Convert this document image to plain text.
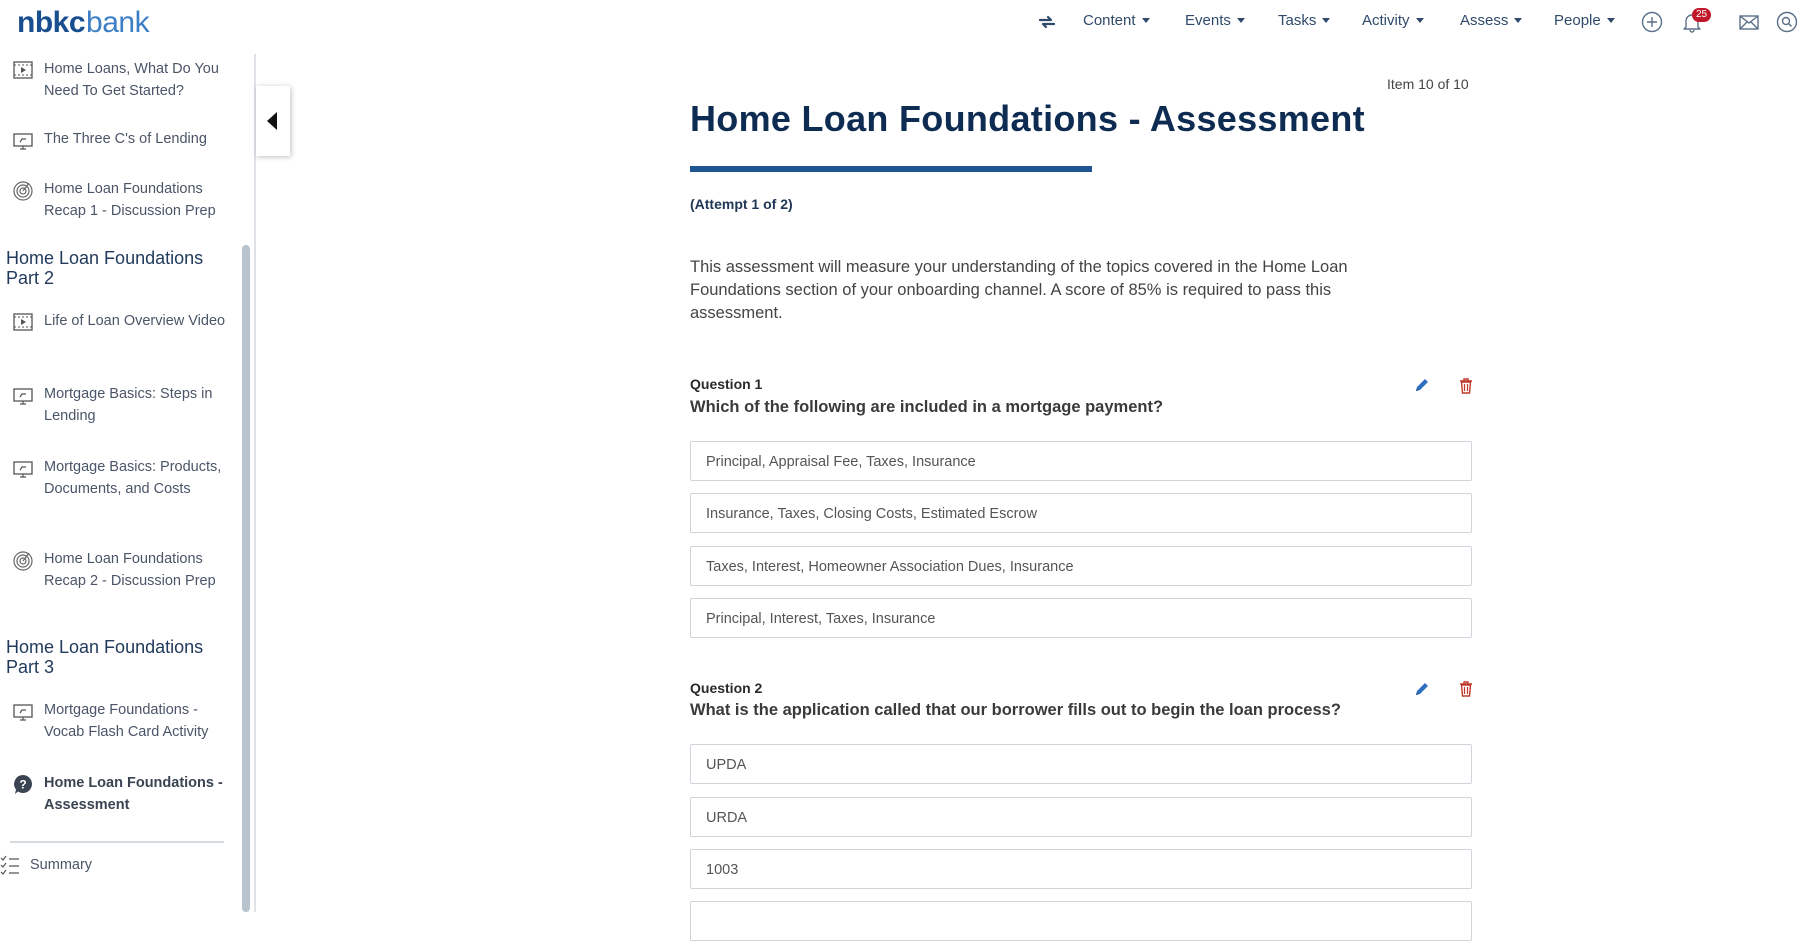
nbkc bank	Content	Events	Tasks	Activity	Assess	People	25
Home Loans, What Do You Need To Get Started?
The Three C's of Lending
Home Loan Foundations Recap 1 - Discussion Prep
Home Loan Foundations Part 2
Life of Loan Overview Video
Mortgage Basics: Steps in Lending
Mortgage Basics: Products, Documents, and Costs
Home Loan Foundations Recap 2 - Discussion Prep
Home Loan Foundations Part 3
Mortgage Foundations - Vocab Flash Card Activity
? Home Loan Foundations - Assessment
Summary
Item 10 of 10
Home Loan Foundations - Assessment
(Attempt 1 of 2)
This assessment will measure your understanding of the topics covered in the Home Loan Foundations section of your onboarding channel. A score of 85% is required to pass this assessment.
Question 1
Which of the following are included in a mortgage payment?
Principal, Appraisal Fee, Taxes, Insurance
Insurance, Taxes, Closing Costs, Estimated Escrow
Taxes, Interest, Homeowner Association Dues, Insurance
Principal, Interest, Taxes, Insurance
Question 2
What is the application called that our borrower fills out to begin the loan process?
UPDA
URDA
1003
